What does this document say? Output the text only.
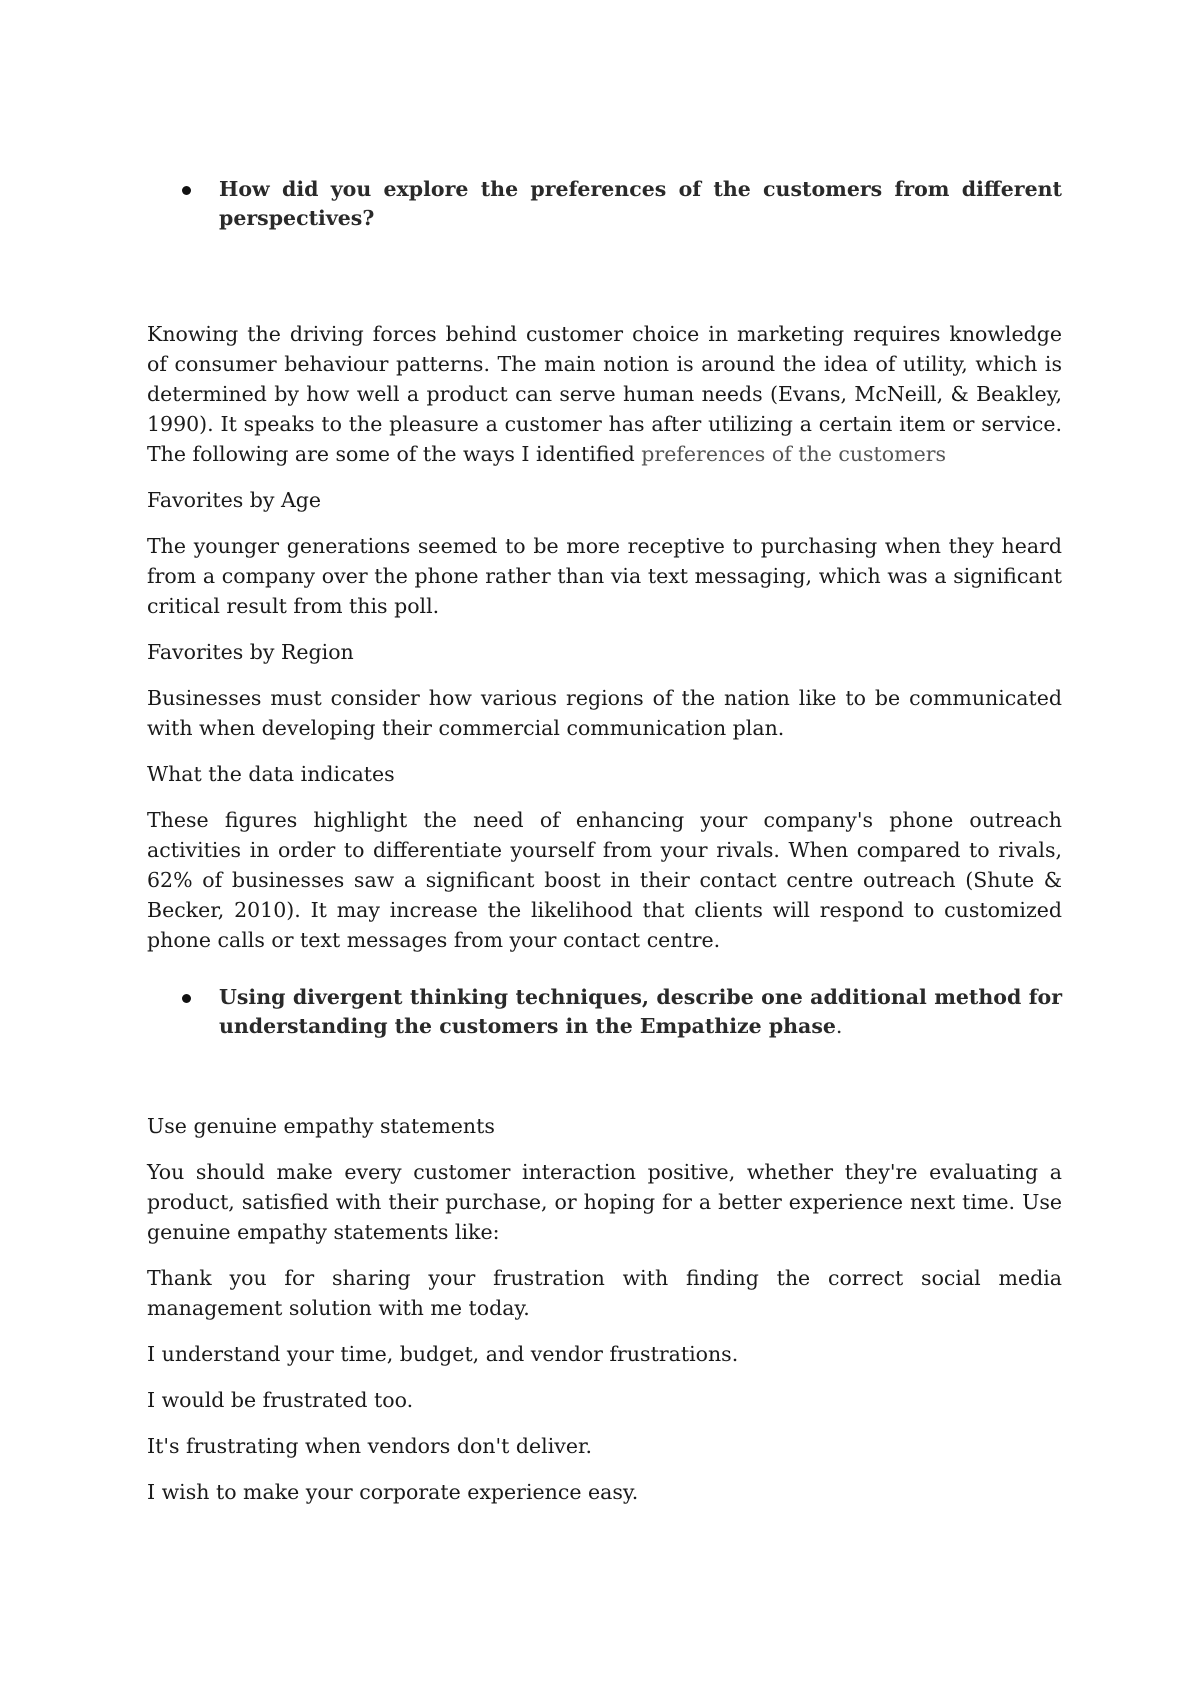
How did you explore the preferences of the customers from different perspectives?

Knowing the driving forces behind customer choice in marketing requires knowledge of consumer behaviour patterns. The main notion is around the idea of utility, which is determined by how well a product can serve human needs (Evans, McNeill, & Beakley, 1990). It speaks to the pleasure a customer has after utilizing a certain item or service. The following are some of the ways I identified preferences of the customers

Favorites by Age

The younger generations seemed to be more receptive to purchasing when they heard from a company over the phone rather than via text messaging, which was a significant critical result from this poll.

Favorites by Region

Businesses must consider how various regions of the nation like to be communicated with when developing their commercial communication plan.

What the data indicates

These figures highlight the need of enhancing your company's phone outreach activities in order to differentiate yourself from your rivals. When compared to rivals, 62% of businesses saw a significant boost in their contact centre outreach (Shute & Becker, 2010). It may increase the likelihood that clients will respond to customized phone calls or text messages from your contact centre.

Using divergent thinking techniques, describe one additional method for understanding the customers in the Empathize phase.

Use genuine empathy statements

You should make every customer interaction positive, whether they're evaluating a product, satisfied with their purchase, or hoping for a better experience next time. Use genuine empathy statements like:

Thank you for sharing your frustration with finding the correct social media management solution with me today.

I understand your time, budget, and vendor frustrations.

I would be frustrated too.

It's frustrating when vendors don't deliver.

I wish to make your corporate experience easy.
